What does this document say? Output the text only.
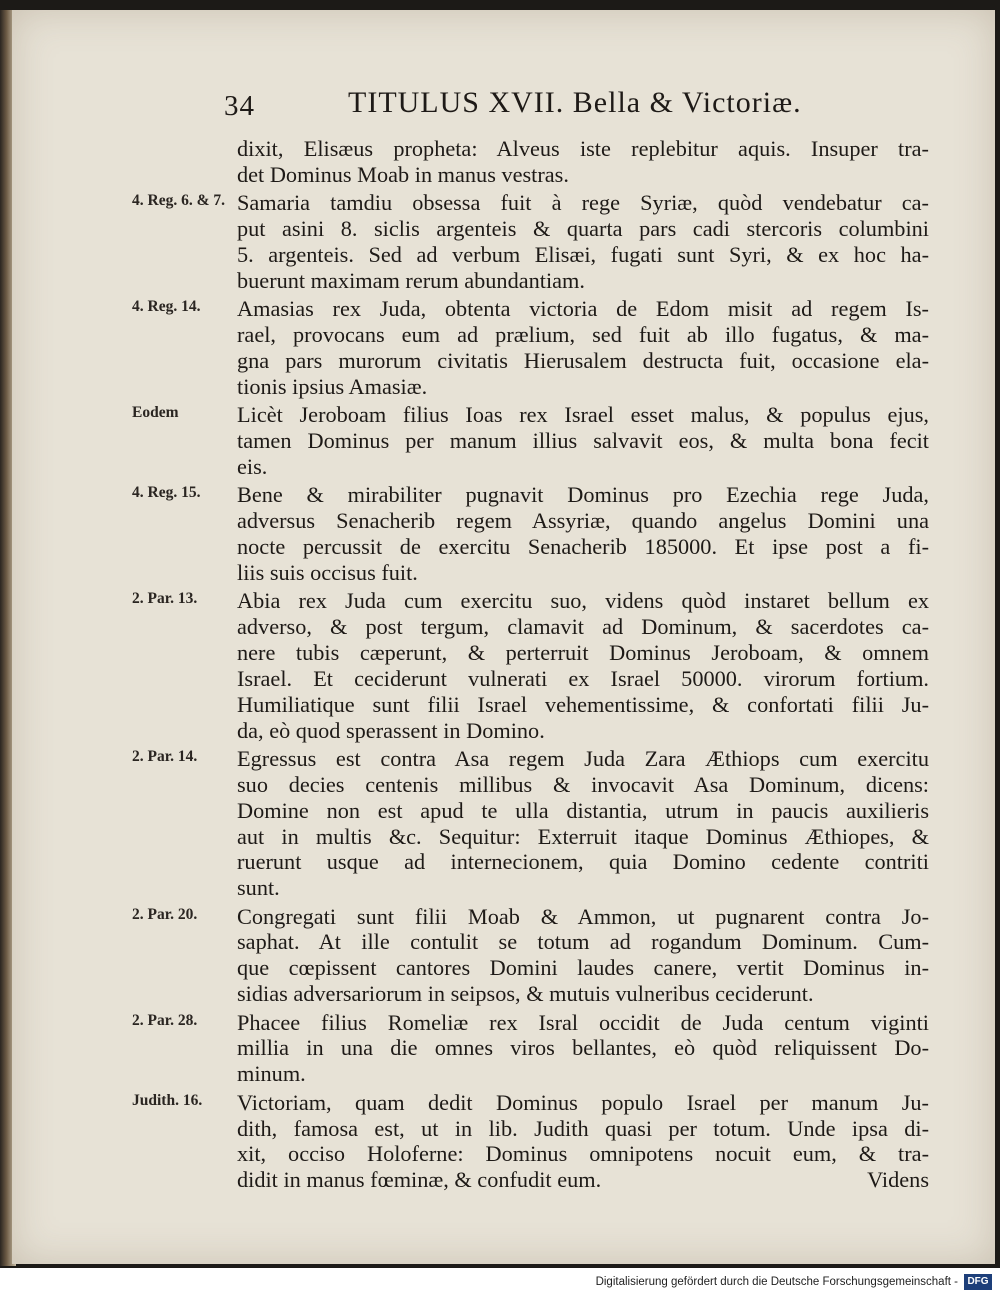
34	TITULUS XVII. Bella & Victoriæ.
dixit, Elisæus propheta: Alveus iste replebitur aquis. Insuper tra-
det Dominus Moab in manus vestras.
4. Reg. 6. & 7. Samaria tamdiu obsessa fuit à rege Syriæ, quòd vendebatur ca-
put asini 8. siclis argenteis & quarta pars cadi stercoris columbini
5. argenteis. Sed ad verbum Elisæi, fugati sunt Syri, & ex hoc ha-
buerunt maximam rerum abundantiam.
4. Reg. 14. Amasias rex Juda, obtenta victoria de Edom misit ad regem Is-
rael, provocans eum ad prælium, sed fuit ab illo fugatus, & ma-
gna pars murorum civitatis Hierusalem destructa fuit, occasione ela-
tionis ipsius Amasiæ.
Eodem	Licèt Jeroboam filius Ioas rex Israel esset malus, & populus ejus,
tamen Dominus per manum illius salvavit eos, & multa bona fecit
eis.
4. Reg. 15. Bene & mirabiliter pugnavit Dominus pro Ezechia rege Juda,
adversus Senacherib regem Assyriæ, quando angelus Domini una
nocte percussit de exercitu Senacherib 185000. Et ipse post a fi-
liis suis occisus fuit.
2. Par. 13. Abia rex Juda cum exercitu suo, videns quòd instaret bellum ex
adverso, & post tergum, clamavit ad Dominum, & sacerdotes ca-
nere tubis cæperunt, & perterruit Dominus Jeroboam, & omnem
Israel. Et ceciderunt vulnerati ex Israel 50000. virorum fortium.
Humiliatique sunt filii Israel vehementissime, & confortati filii Ju-
da, eò quod sperassent in Domino.
2. Par. 14. Egressus est contra Asa regem Juda Zara Æthiops cum exercitu
suo decies centenis millibus & invocavit Asa Dominum, dicens:
Domine non est apud te ulla distantia, utrum in paucis auxilieris
aut in multis &c. Sequitur: Exterruit itaque Dominus Æthiopes, &
ruerunt usque ad internecionem, quia Domino cedente contriti
sunt.
2. Par. 20. Congregati sunt filii Moab & Ammon, ut pugnarent contra Jo-
saphat. At ille contulit se totum ad rogandum Dominum. Cum-
que cœpissent cantores Domini laudes canere, vertit Dominus in-
sidias adversariorum in seipsos, & mutuis vulneribus ceciderunt.
2. Par. 28. Phacee filius Romeliæ rex Isral occidit de Juda centum viginti
millia in una die omnes viros bellantes, eò quòd reliquissent Do-
minum.
Judith. 16. Victoriam, quam dedit Dominus populo Israel per manum Ju-
dith, famosa est, ut in lib. Judith quasi per totum. Unde ipsa di-
xit, occiso Holoferne: Dominus omnipotens nocuit eum, & tra-
didit in manus fœminæ, & confudit eum.	Videns
Digitalisierung gefördert durch die Deutsche Forschungsgemeinschaft - DFG
